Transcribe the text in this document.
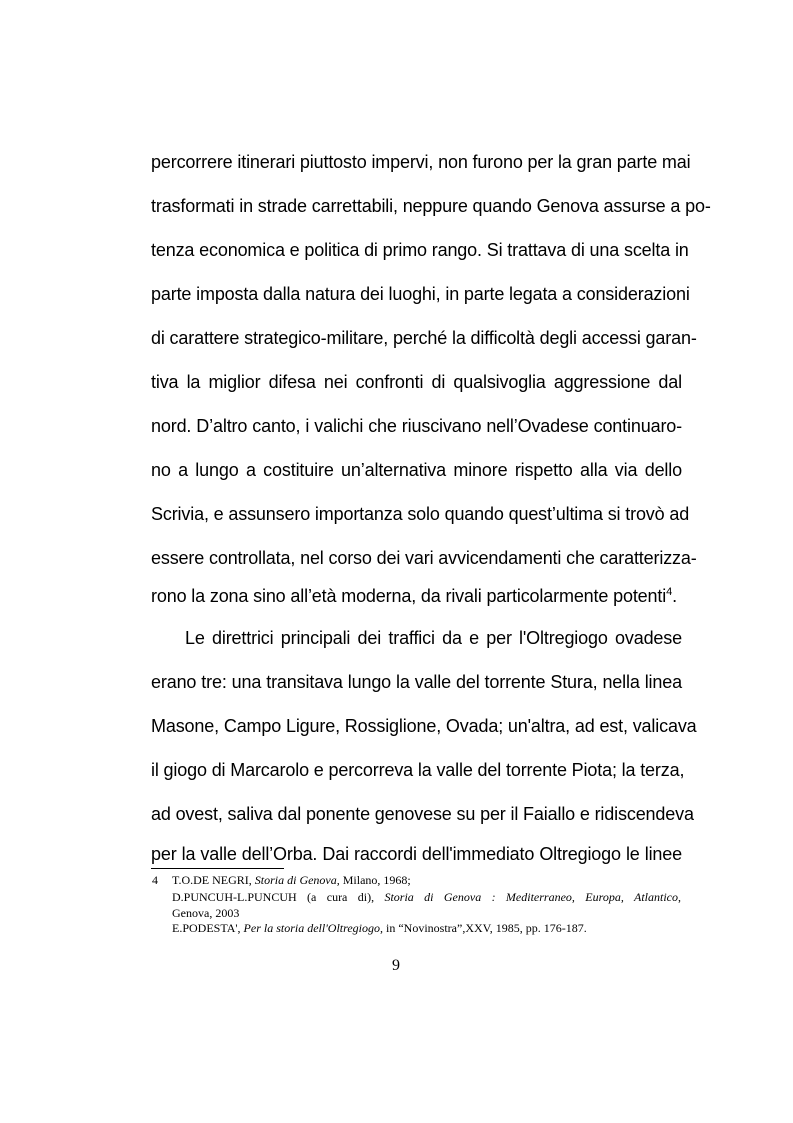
percorrere itinerari piuttosto impervi, non furono per la gran parte mai
trasformati in strade carrettabili, neppure quando Genova assurse a po-
tenza economica e politica di primo rango. Si trattava di una scelta in
parte imposta dalla natura dei luoghi, in parte legata a considerazioni
di carattere strategico-militare, perché la difficoltà degli accessi garan-
tiva la miglior difesa nei confronti di qualsivoglia aggressione dal
nord. D’altro canto, i valichi che riuscivano nell’Ovadese continuaro-
no a lungo a costituire un’alternativa minore rispetto alla via dello
Scrivia, e assunsero importanza solo quando quest’ultima si trovò ad
essere controllata, nel corso dei vari avvicendamenti che caratterizza-
rono la zona sino all’età moderna, da rivali particolarmente potenti$^4$.
Le direttrici principali dei traffici da e per l'Oltregiogo ovadese
erano tre: una transitava lungo la valle del torrente Stura, nella linea
Masone, Campo Ligure, Rossiglione, Ovada; un'altra, ad est, valicava
il giogo di Marcarolo e percorreva la valle del torrente Piota; la terza,
ad ovest, saliva dal ponente genovese su per il Faiallo e ridiscendeva
per la valle dell’Orba. Dai raccordi dell'immediato Oltregiogo le linee
4 T.O.DE NEGRI, Storia di Genova, Milano, 1968;
D.PUNCUH-L.PUNCUH (a cura di), Storia di Genova : Mediterraneo, Europa, Atlantico,
Genova, 2003
E.PODESTA', Per la storia dell'Oltregiogo, in “Novinostra”,XXV, 1985, pp. 176-187.
9
